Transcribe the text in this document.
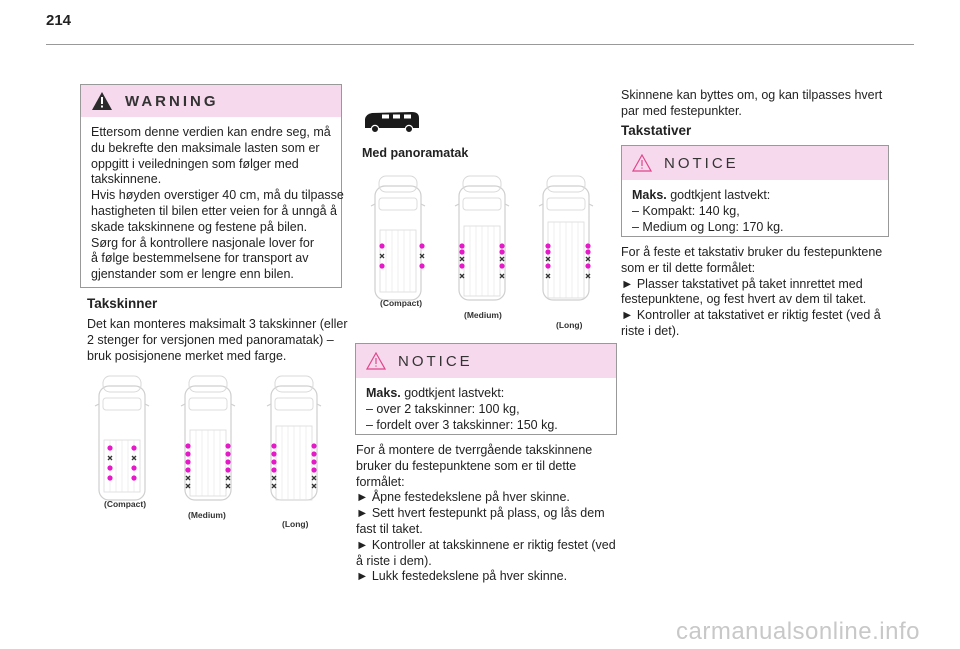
214
WARNING
Ettersom denne verdien kan endre seg, må
du bekrefte den maksimale lasten som er
oppgitt i veiledningen som følger med
takskinnene.
Hvis høyden overstiger 40 cm, må du tilpasse
hastigheten til bilen etter veien for å unngå å
skade takskinnene og festene på bilen.
Sørg for å kontrollere nasjonale lover for
å følge bestemmelsene for transport av
gjenstander som er lengre enn bilen.
Takskinner
Det kan monteres maksimalt 3 takskinner (eller
2 stenger for versjonen med panoramatak) –
bruk posisjonene merket med farge.
(Compact)
(Medium)
(Long)
Med panoramatak
(Compact)
(Medium)
(Long)
NOTICE
Maks. godtkjent lastvekt:
– over 2 takskinner: 100 kg,
– fordelt over 3 takskinner: 150 kg.
For å montere de tverrgående takskinnene
bruker du festepunktene som er til dette
formålet:
► Åpne festedekslene på hver skinne.
► Sett hvert festepunkt på plass, og lås dem
fast til taket.
► Kontroller at takskinnene er riktig festet (ved
å riste i dem).
► Lukk festedekslene på hver skinne.
Skinnene kan byttes om, og kan tilpasses hvert
par med festepunkter.
Takstativer
NOTICE
Maks. godtkjent lastvekt:
– Kompakt: 140 kg,
– Medium og Long: 170 kg.
For å feste et takstativ bruker du festepunktene
som er til dette formålet:
► Plasser takstativet på taket innrettet med
festepunktene, og fest hvert av dem til taket.
► Kontroller at takstativet er riktig festet (ved å
riste i det).
carmanualsonline.info
